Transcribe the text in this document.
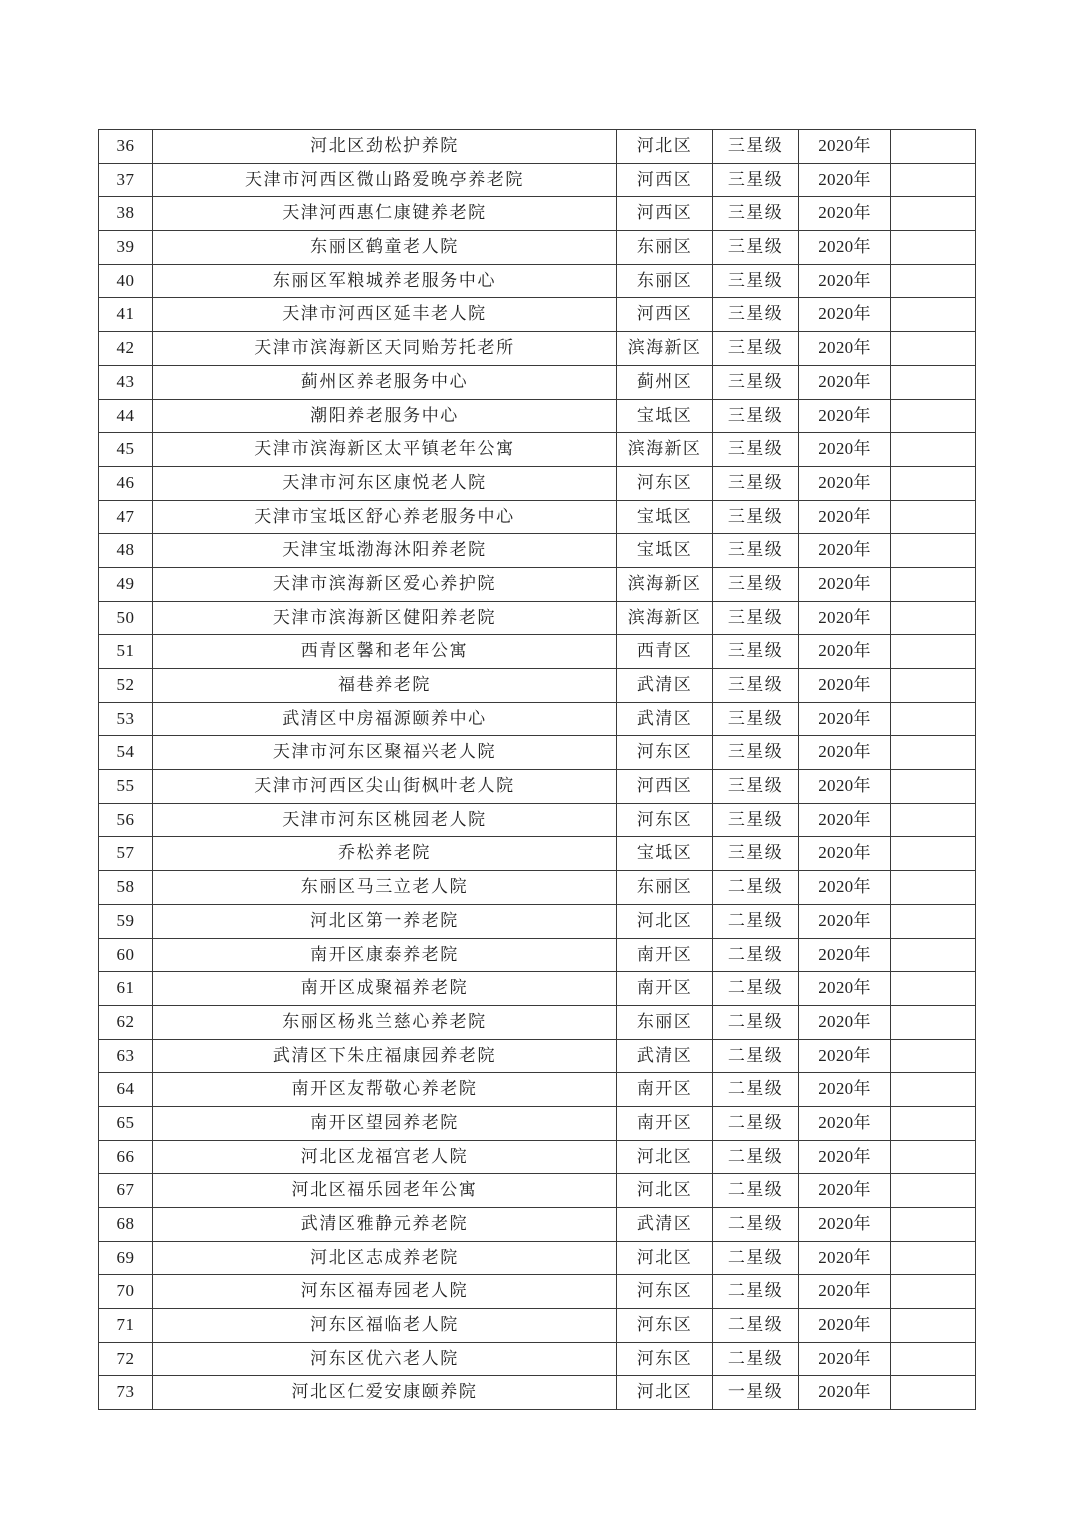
36	河北区劲松护养院	河北区	三星级	2020年	
37	天津市河西区微山路爱晚亭养老院	河西区	三星级	2020年	
38	天津河西惠仁康键养老院	河西区	三星级	2020年	
39	东丽区鹤童老人院	东丽区	三星级	2020年	
40	东丽区军粮城养老服务中心	东丽区	三星级	2020年	
41	天津市河西区延丰老人院	河西区	三星级	2020年	
42	天津市滨海新区天同贻芳托老所	滨海新区	三星级	2020年	
43	蓟州区养老服务中心	蓟州区	三星级	2020年	
44	潮阳养老服务中心	宝坻区	三星级	2020年	
45	天津市滨海新区太平镇老年公寓	滨海新区	三星级	2020年	
46	天津市河东区康悦老人院	河东区	三星级	2020年	
47	天津市宝坻区舒心养老服务中心	宝坻区	三星级	2020年	
48	天津宝坻渤海沐阳养老院	宝坻区	三星级	2020年	
49	天津市滨海新区爱心养护院	滨海新区	三星级	2020年	
50	天津市滨海新区健阳养老院	滨海新区	三星级	2020年	
51	西青区馨和老年公寓	西青区	三星级	2020年	
52	福巷养老院	武清区	三星级	2020年	
53	武清区中房福源颐养中心	武清区	三星级	2020年	
54	天津市河东区聚福兴老人院	河东区	三星级	2020年	
55	天津市河西区尖山街枫叶老人院	河西区	三星级	2020年	
56	天津市河东区桃园老人院	河东区	三星级	2020年	
57	乔松养老院	宝坻区	三星级	2020年	
58	东丽区马三立老人院	东丽区	二星级	2020年	
59	河北区第一养老院	河北区	二星级	2020年	
60	南开区康泰养老院	南开区	二星级	2020年	
61	南开区成聚福养老院	南开区	二星级	2020年	
62	东丽区杨兆兰慈心养老院	东丽区	二星级	2020年	
63	武清区下朱庄福康园养老院	武清区	二星级	2020年	
64	南开区友帮敬心养老院	南开区	二星级	2020年	
65	南开区望园养老院	南开区	二星级	2020年	
66	河北区龙福宫老人院	河北区	二星级	2020年	
67	河北区福乐园老年公寓	河北区	二星级	2020年	
68	武清区雅静元养老院	武清区	二星级	2020年	
69	河北区志成养老院	河北区	二星级	2020年	
70	河东区福寿园老人院	河东区	二星级	2020年	
71	河东区福临老人院	河东区	二星级	2020年	
72	河东区优六老人院	河东区	二星级	2020年	
73	河北区仁爱安康颐养院	河北区	一星级	2020年	
